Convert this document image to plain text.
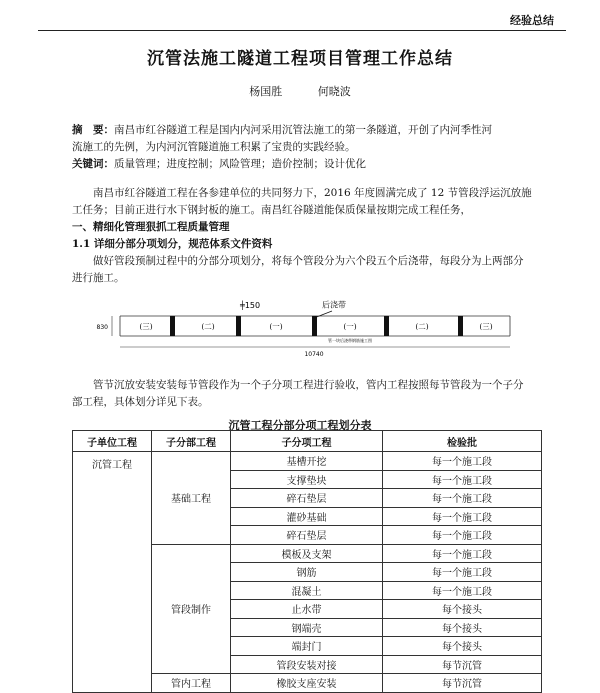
经验总结
沉管法施工隧道工程项目管理工作总结
杨国胜	何晓波
摘　要：南昌市红谷隧道工程是国内内河采用沉管法施工的第一条隧道，开创了内河季性河
流施工的先例，为内河沉管隧道施工积累了宝贵的实践经验。
关键词：质量管理；进度控制；风险管理；造价控制；设计优化
南昌市红谷隧道工程在各参建单位的共同努力下，2016 年度圆满完成了 12 节管段浮运沉放施
工任务；目前正进行水下钢封板的施工。南昌红谷隧道能保质保量按期完成工程任务，
一、精细化管理狠抓工程质量管理
1.1 详细分部分项划分，规范体系文件资料
做好管段预制过程中的分部分项划分，将每个管段分为六个段五个后浇带，每段分为上两部分
进行施工。
830
╪150	后浇带
(三)	(二)	(一)	(一)	(二)	(三)
管一块后浇带钢筋施工图
10740
管节沉放安装安装每节管段作为一个子分项工程进行验收，管内工程按照每节管段为一个子分
部工程，具体划分详见下表。
沉管工程分部分项工程划分表
子单位工程	子分部工程	子分项工程	检验批
沉管工程	基础工程	基槽开挖	每一个施工段
		支撑垫块	每一个施工段
		碎石垫层	每一个施工段
		灌砂基础	每一个施工段
		碎石垫层	每一个施工段
	管段制作	模板及支架	每一个施工段
		钢筋	每一个施工段
		混凝土	每一个施工段
		止水带	每个接头
		钢端壳	每个接头
		端封门	每个接头
		管段安装对接	每节沉管
	管内工程	橡胶支座安装	每节沉管
